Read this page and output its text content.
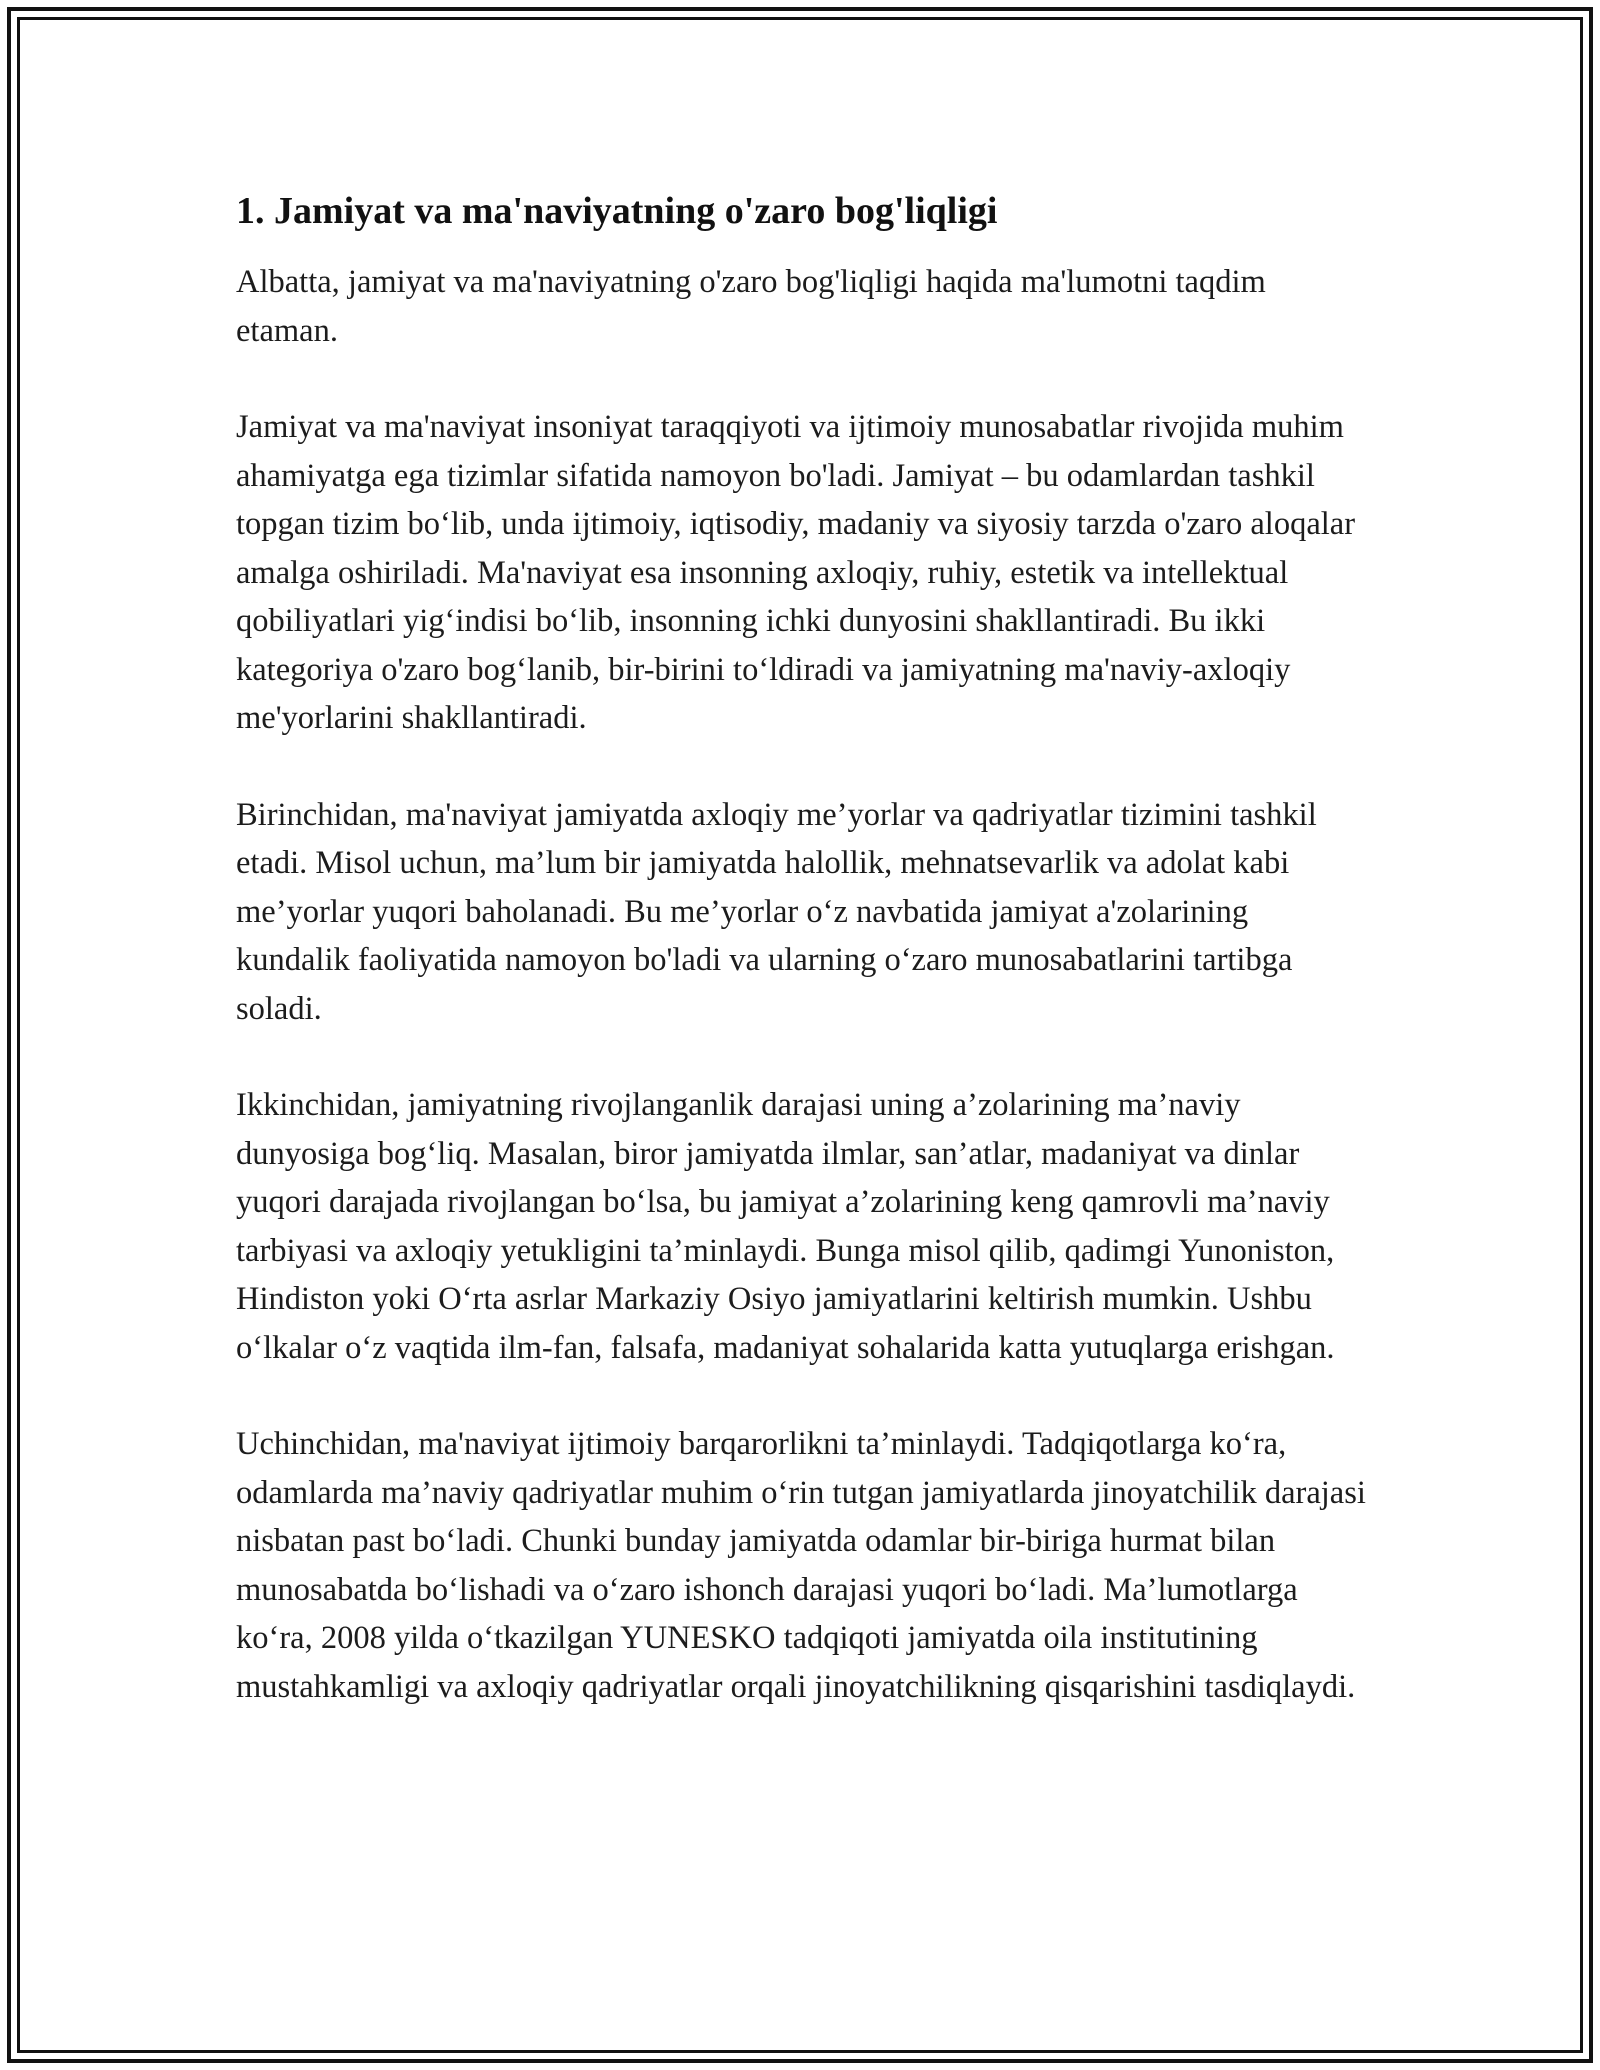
1. Jamiyat va ma'naviyatning o'zaro bog'liqligi

Albatta, jamiyat va ma'naviyatning o'zaro bog'liqligi haqida ma'lumotni taqdim etaman.

Jamiyat va ma'naviyat insoniyat taraqqiyoti va ijtimoiy munosabatlar rivojida muhim ahamiyatga ega tizimlar sifatida namoyon bo'ladi. Jamiyat – bu odamlardan tashkil topgan tizim bo‘lib, unda ijtimoiy, iqtisodiy, madaniy va siyosiy tarzda o'zaro aloqalar amalga oshiriladi. Ma'naviyat esa insonning axloqiy, ruhiy, estetik va intellektual qobiliyatlari yig‘indisi bo‘lib, insonning ichki dunyosini shakllantiradi. Bu ikki kategoriya o'zaro bog‘lanib, bir-birini to‘ldiradi va jamiyatning ma'naviy-axloqiy me'yorlarini shakllantiradi.

Birinchidan, ma'naviyat jamiyatda axloqiy me’yorlar va qadriyatlar tizimini tashkil etadi. Misol uchun, ma’lum bir jamiyatda halollik, mehnatsevarlik va adolat kabi me’yorlar yuqori baholanadi. Bu me’yorlar o‘z navbatida jamiyat a'zolarining kundalik faoliyatida namoyon bo'ladi va ularning o‘zaro munosabatlarini tartibga soladi.

Ikkinchidan, jamiyatning rivojlanganlik darajasi uning a’zolarining ma’naviy dunyosiga bog‘liq. Masalan, biror jamiyatda ilmlar, san’atlar, madaniyat va dinlar yuqori darajada rivojlangan bo‘lsa, bu jamiyat a’zolarining keng qamrovli ma’naviy tarbiyasi va axloqiy yetukligini ta’minlaydi. Bunga misol qilib, qadimgi Yunoniston, Hindiston yoki O‘rta asrlar Markaziy Osiyo jamiyatlarini keltirish mumkin. Ushbu o‘lkalar o‘z vaqtida ilm-fan, falsafa, madaniyat sohalarida katta yutuqlarga erishgan.

Uchinchidan, ma'naviyat ijtimoiy barqarorlikni ta’minlaydi. Tadqiqotlarga ko‘ra, odamlarda ma’naviy qadriyatlar muhim o‘rin tutgan jamiyatlarda jinoyatchilik darajasi nisbatan past bo‘ladi. Chunki bunday jamiyatda odamlar bir-biriga hurmat bilan munosabatda bo‘lishadi va o‘zaro ishonch darajasi yuqori bo‘ladi. Ma’lumotlarga ko‘ra, 2008 yilda o‘tkazilgan YUNESKO tadqiqoti jamiyatda oila institutining mustahkamligi va axloqiy qadriyatlar orqali jinoyatchilikning qisqarishini tasdiqlaydi.
